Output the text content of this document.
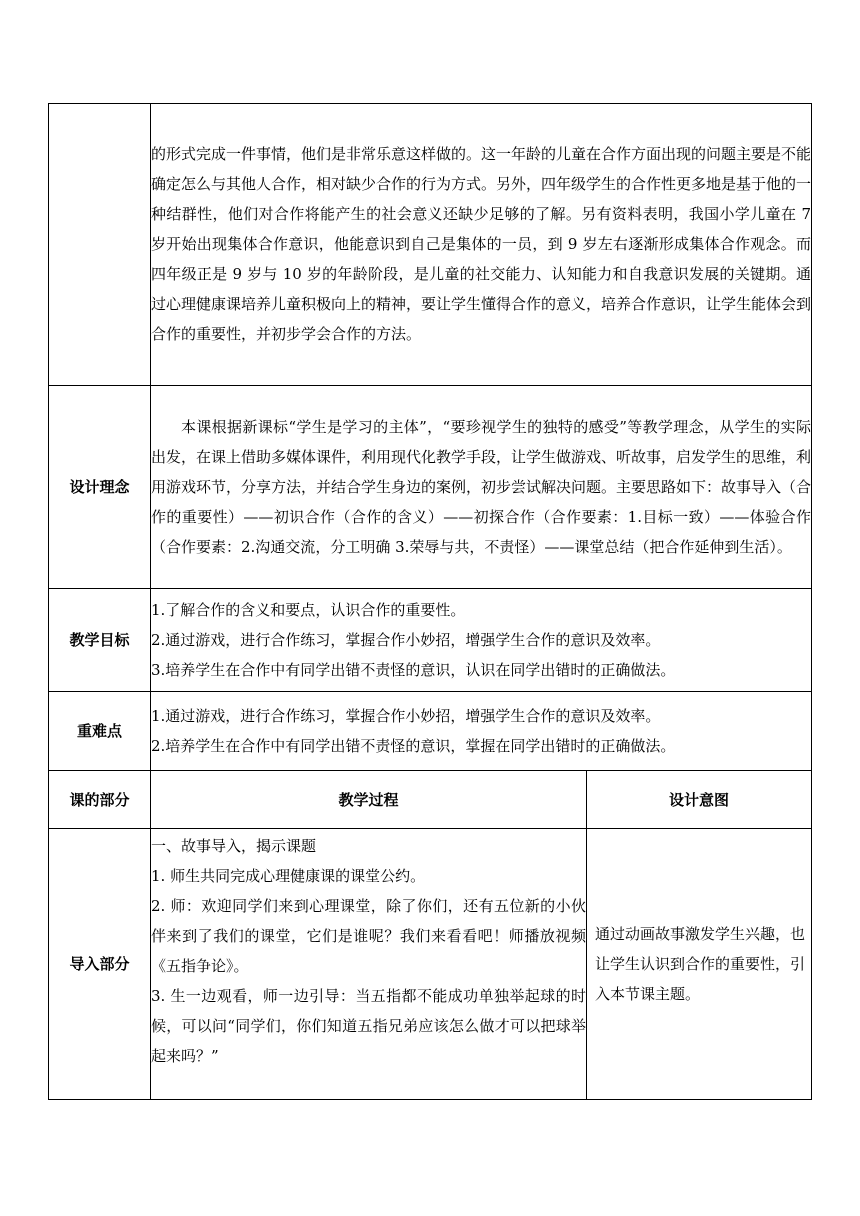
	的形式完成一件事情，他们是非常乐意这样做的。这一年龄的儿童在合作方面出现的问题主要是不能确定怎么与其他人合作，相对缺少合作的行为方式。另外，四年级学生的合作性更多地是基于他的一种结群性，他们对合作将能产生的社会意义还缺少足够的了解。另有资料表明，我国小学儿童在 7 岁开始出现集体合作意识，他能意识到自己是集体的一员，到 9 岁左右逐渐形成集体合作观念。而四年级正是 9 岁与 10 岁的年龄阶段，是儿童的社交能力、认知能力和自我意识发展的关键期。通过心理健康课培养儿童积极向上的精神，要让学生懂得合作的意义，培养合作意识，让学生能体会到合作的重要性，并初步学会合作的方法。	

设计理念	本课根据新课标“学生是学习的主体”，“要珍视学生的独特的感受”等教学理念，从学生的实际出发，在课上借助多媒体课件，利用现代化教学手段，让学生做游戏、听故事，启发学生的思维，利用游戏环节，分享方法，并结合学生身边的案例，初步尝试解决问题。主要思路如下：故事导入（合作的重要性）——初识合作（合作的含义）——初探合作（合作要素：1.目标一致）——体验合作（合作要素：2.沟通交流，分工明确 3.荣辱与共，不责怪）——课堂总结（把合作延伸到生活）。	

教学目标	1.了解合作的含义和要点，认识合作的重要性。
2.通过游戏，进行合作练习，掌握合作小妙招，增强学生合作的意识及效率。
3.培养学生在合作中有同学出错不责怪的意识，认识在同学出错时的正确做法。	

重难点	1.通过游戏，进行合作练习，掌握合作小妙招，增强学生合作的意识及效率。
2.培养学生在合作中有同学出错不责怪的意识，掌握在同学出错时的正确做法。	

课的部分	教学过程	设计意图
导入部分	一、故事导入，揭示课题
1. 师生共同完成心理健康课的课堂公约。
2. 师：欢迎同学们来到心理课堂，除了你们，还有五位新的小伙伴来到了我们的课堂，它们是谁呢？我们来看看吧！师播放视频《五指争论》。
3. 生一边观看，师一边引导：当五指都不能成功单独举起球的时候，可以问“同学们，你们知道五指兄弟应该怎么做才可以把球举起来吗？”	通过动画故事激发学生兴趣，也让学生认识到合作的重要性，引入本节课主题。
